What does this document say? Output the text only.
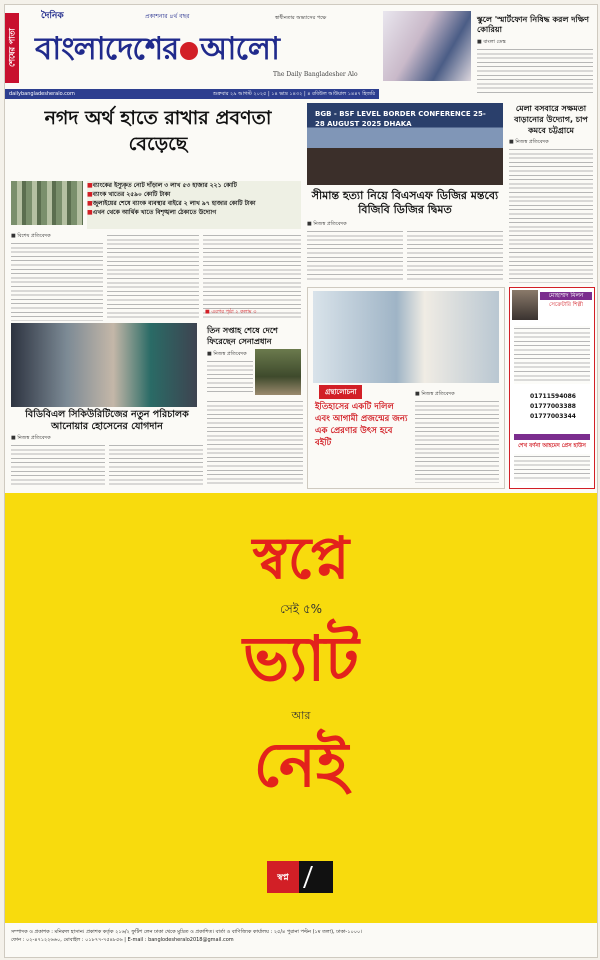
শেষের পাতা
দৈনিক	প্রকাশনার ৪র্থ বছর	স্বাধীনতার অভ্যাসের পক্ষে
বাংলাদেশের আলো
The Daily Bangladesher Alo
dailybangladesheralo.com	শুক্রবার ২৯ আগস্ট ২০২৫ | ১৪ ভাদ্র ১৪৩২ | ৪ রবিউল আউয়াল ১৪৪৭ হিজরি
স্কুলে 'স্মার্টফোন নিষিদ্ধ করল দক্ষিণ কোরিয়া
■ বাংলা ডেস্ক
নগদ অর্থ হাতে রাখার প্রবণতা বেড়েছে
■ ব্যাংকের ইস্যুকৃত নোট দাঁড়াল ৩ লাখ ৫৩ হাজার ২২১ কোটি
■ ব্যাংক খাতের ২৫৯০ কোটি টাকা
■ জুলাইয়ের শেষে ব্যাংক ব্যবস্থার বাইরে ২ লাখ ৯৭ হাজার কোটি টাকা
■ এখন থেকে আর্থিক খাতে বিশৃঙ্খলা ঠেকাতে উদ্যোগ
■ বিশেষ প্রতিবেদক
■ এরপর পৃষ্ঠা ২ কলাম ৩
BGB - BSF LEVEL BORDER CONFERENCE 25-28 AUGUST 2025 DHAKA
সীমান্ত হত্যা নিয়ে বিএসএফ ডিজির মন্তব্যে বিজিবি ডিজির দ্বিমত
■ নিজস্ব প্রতিবেদক
মেলা বসবারে সক্ষমতা বাড়ানোর উদ্যোগ, চাপ কমবে চট্টগ্রামে
■ নিজস্ব প্রতিবেদক
বিডিবিএল সিকিউরিটিজের নতুন পরিচালক আনোয়ার হোসেনের যোগদান
■ নিজস্ব প্রতিবেদক
তিন সপ্তাহ শেষে দেশে ফিরেছেন সেনাপ্রধান
■ নিজস্ব প্রতিবেদক
গ্রন্থালোচনা
ইতিহাসের একটি দলিল এবং আগামী প্রজন্মের জন্য এক প্রেরণার উৎস হবে বইটি
■ নিজস্ব প্রতিবেদক
মোহাম্মদ মিলন
সেক্রেটারি শিল্পী
01711594086
01777003388
01777003344
শেখ বর্ণনা আহমেদ প্রেস হাউস
স্বপ্নে
সেই ৫%
ভ্যাট
আর
নেই
স্বপ্ন
সম্পাদক ও প্রকাশক : মনিরুল হাসান। প্রকাশক কর্তৃক ২১৬/২ ফুটিশ লেন ঢাকা থেকে মুদ্রিত ও প্রকাশিত। বার্তা ও বাণিজ্যিক কার্যালয় : ২৫/৪ পুরানা পল্টন (১ম তলা), ঢাকা-১০০০।
ফোন : ০২-৪৭১২২৬৬০, মোবাইল : ০১৮৭৭-৭৫৪৮৫৬ | E-mail : banglodesheralo2018@gmail.com
